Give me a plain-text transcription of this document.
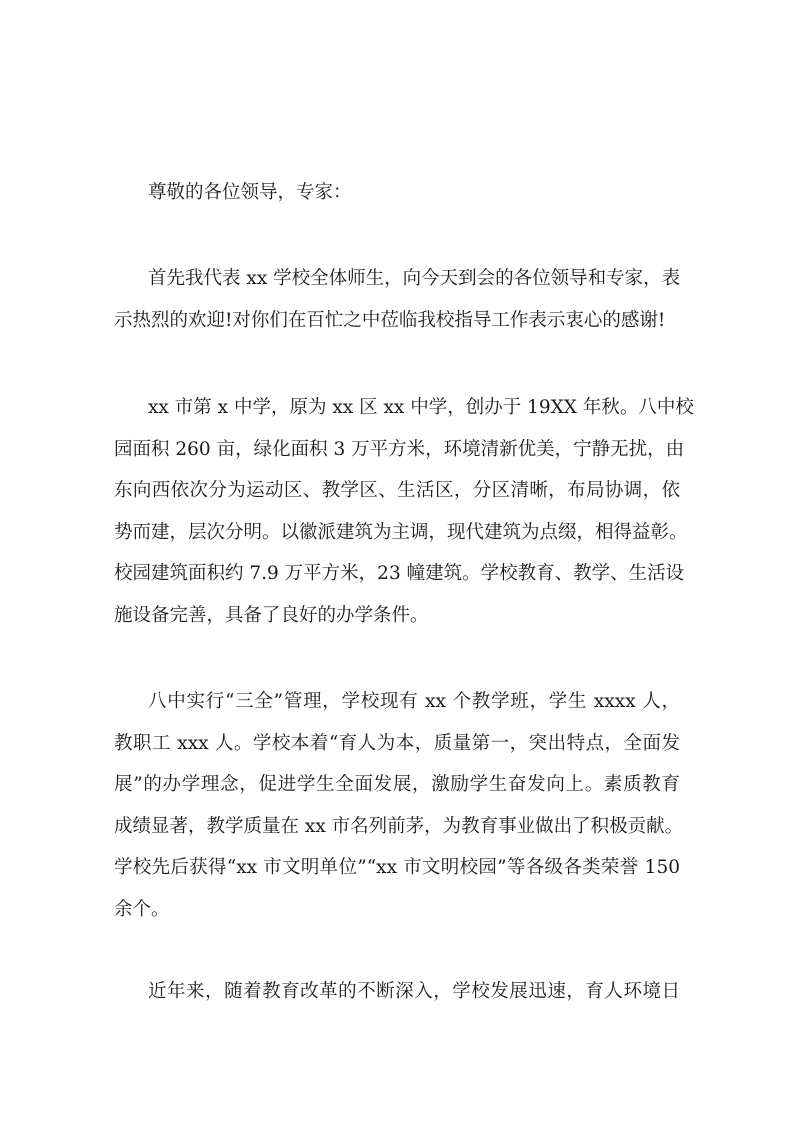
尊敬的各位领导，专家：
首先我代表 xx 学校全体师生，向今天到会的各位领导和专家，表
示热烈的欢迎!对你们在百忙之中莅临我校指导工作表示衷心的感谢!
xx 市第 x 中学，原为 xx 区 xx 中学，创办于 19XX 年秋。八中校
园面积 260 亩，绿化面积 3 万平方米，环境清新优美，宁静无扰，由
东向西依次分为运动区、教学区、生活区，分区清晰，布局协调，依
势而建，层次分明。以徽派建筑为主调，现代建筑为点缀，相得益彰。
校园建筑面积约 7.9 万平方米，23 幢建筑。学校教育、教学、生活设
施设备完善，具备了良好的办学条件。
八中实行“三全”管理，学校现有 xx 个教学班，学生 xxxx 人，
教职工 xxx 人。学校本着“育人为本，质量第一，突出特点，全面发
展”的办学理念，促进学生全面发展，激励学生奋发向上。素质教育
成绩显著，教学质量在 xx 市名列前茅，为教育事业做出了积极贡献。
学校先后获得“xx 市文明单位”“xx 市文明校园”等各级各类荣誉 150
余个。
近年来，随着教育改革的不断深入，学校发展迅速，育人环境日
